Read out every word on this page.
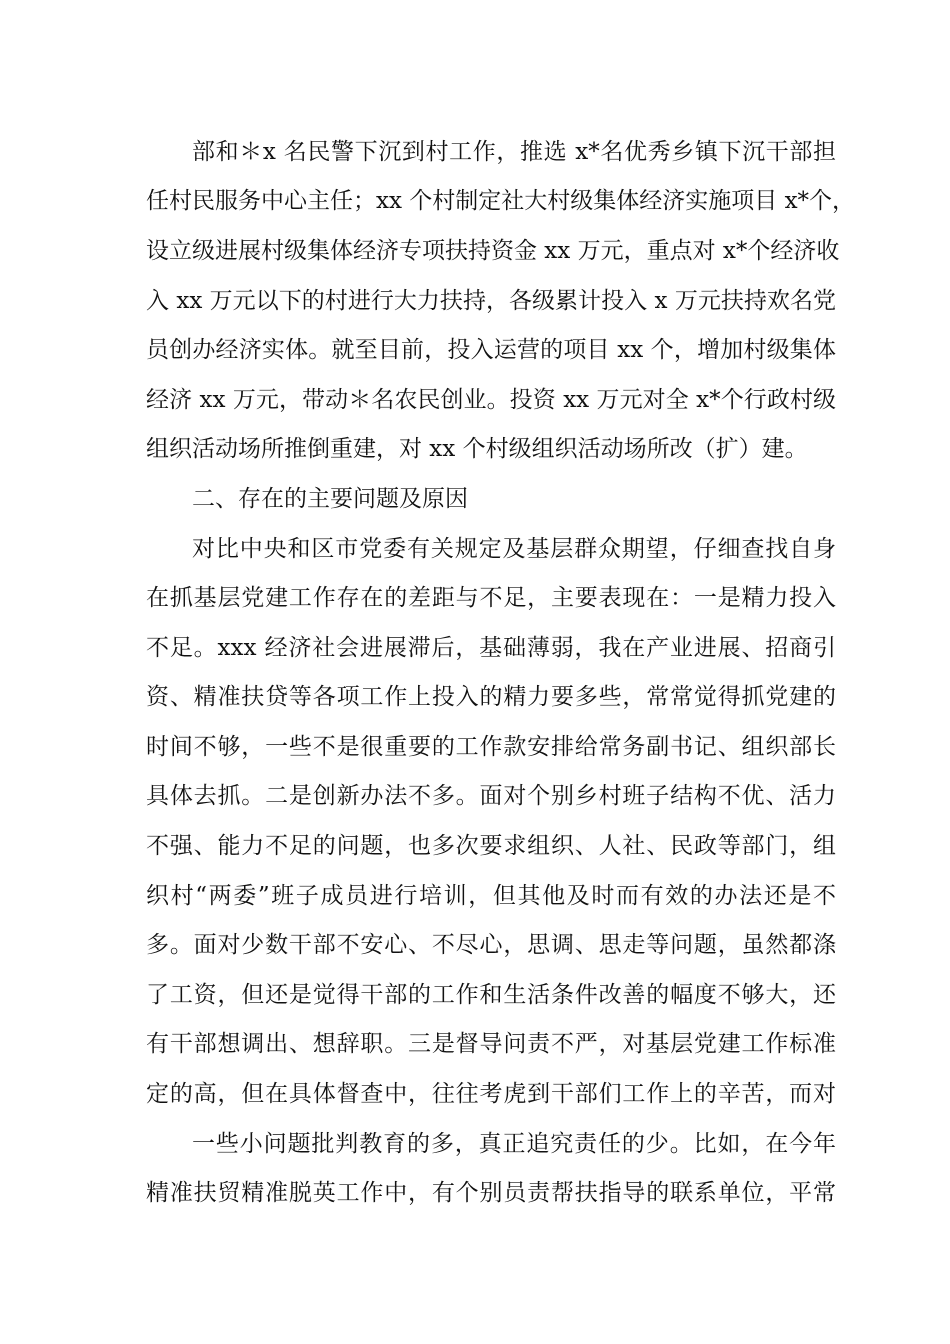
部和＊x 名民警下沉到村工作，推选 x*名优秀乡镇下沉干部担
任村民服务中心主任；xx 个村制定社大村级集体经济实施项目 x*个，
设立级进展村级集体经济专项扶持资金 xx 万元，重点对 x*个经济收
入 xx 万元以下的村进行大力扶持，各级累计投入 x 万元扶持欢名党
员创办经济实体。就至目前，投入运营的项目 xx 个，增加村级集体
经济 xx 万元，带动＊名农民创业。投资 xx 万元对全 x*个行政村级
组织活动场所推倒重建，对 xx 个村级组织活动场所改（扩）建。
二、存在的主要问题及原因
对比中央和区市党委有关规定及基层群众期望，仔细查找自身
在抓基层党建工作存在的差距与不足，主要表现在：一是精力投入
不足。xxx 经济社会进展滞后，基础薄弱，我在产业进展、招商引
资、精准扶贷等各项工作上投入的精力要多些，常常觉得抓党建的
时间不够，一些不是很重要的工作款安排给常务副书记、组织部长
具体去抓。二是创新办法不多。面对个别乡村班子结构不优、活力
不强、能力不足的问题，也多次要求组织、人社、民政等部门，组
织村“两委”班子成员进行培训，但其他及时而有效的办法还是不
多。面对少数干部不安心、不尽心，思调、思走等问题，虽然都涤
了工资，但还是觉得干部的工作和生活条件改善的幅度不够大，还
有干部想调出、想辞职。三是督导问责不严，对基层党建工作标准
定的高，但在具体督查中，往往考虎到干部们工作上的辛苦，而对
一些小问题批判教育的多，真正追究责任的少。比如，在今年
精准扶贸精准脱英工作中，有个别员责帮扶指导的联系单位，平常
